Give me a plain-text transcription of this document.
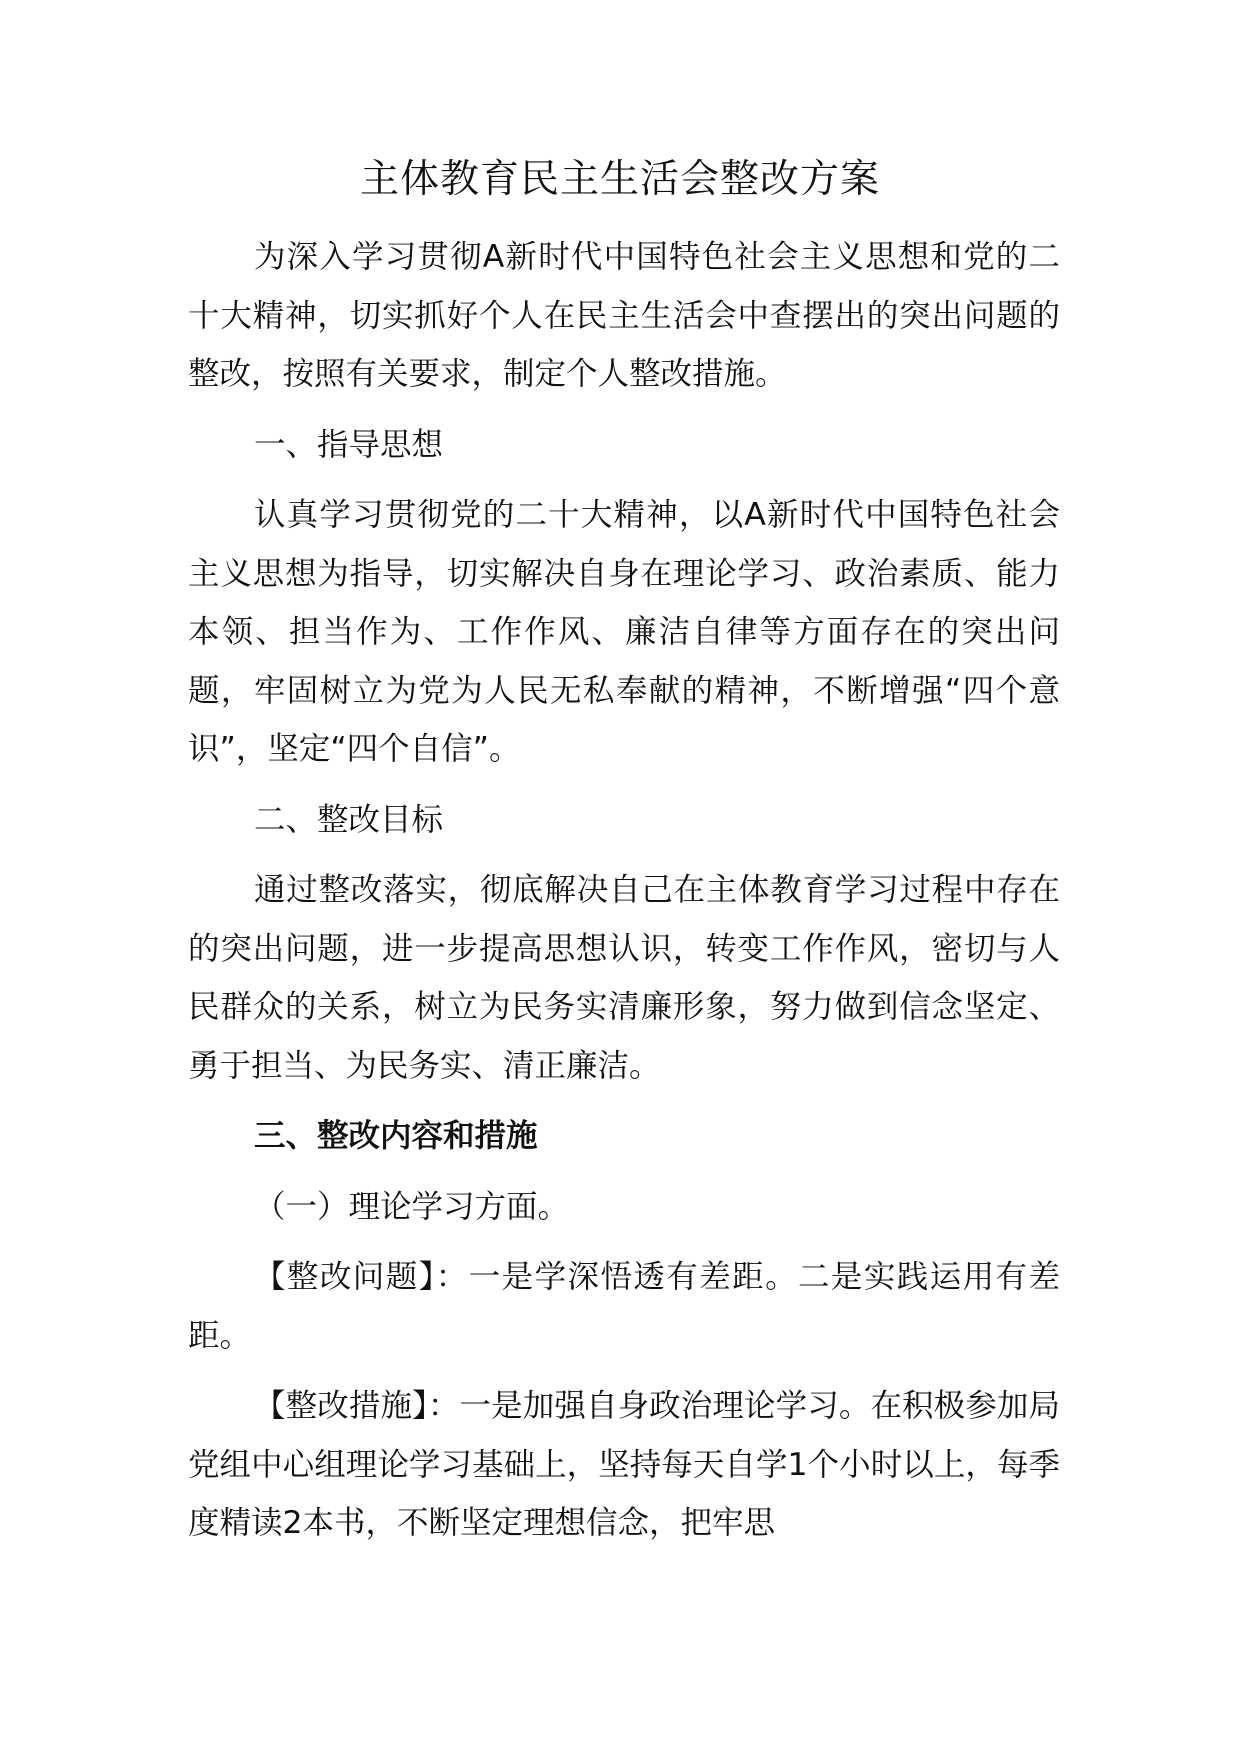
主体教育民主生活会整改方案

为深入学习贯彻A新时代中国特色社会主义思想和党的二十大精神，切实抓好个人在民主生活会中查摆出的突出问题的整改，按照有关要求，制定个人整改措施。

一、指导思想

认真学习贯彻党的二十大精神，以A新时代中国特色社会主义思想为指导，切实解决自身在理论学习、政治素质、能力本领、担当作为、工作作风、廉洁自律等方面存在的突出问题，牢固树立为党为人民无私奉献的精神，不断增强“四个意识”，坚定“四个自信”。

二、整改目标

通过整改落实，彻底解决自己在主体教育学习过程中存在的突出问题，进一步提高思想认识，转变工作作风，密切与人民群众的关系，树立为民务实清廉形象，努力做到信念坚定、勇于担当、为民务实、清正廉洁。

三、整改内容和措施

（一）理论学习方面。

【整改问题】：一是学深悟透有差距。二是实践运用有差距。

【整改措施】：一是加强自身政治理论学习。在积极参加局党组中心组理论学习基础上，坚持每天自学1个小时以上，每季度精读2本书，不断坚定理想信念，把牢思
